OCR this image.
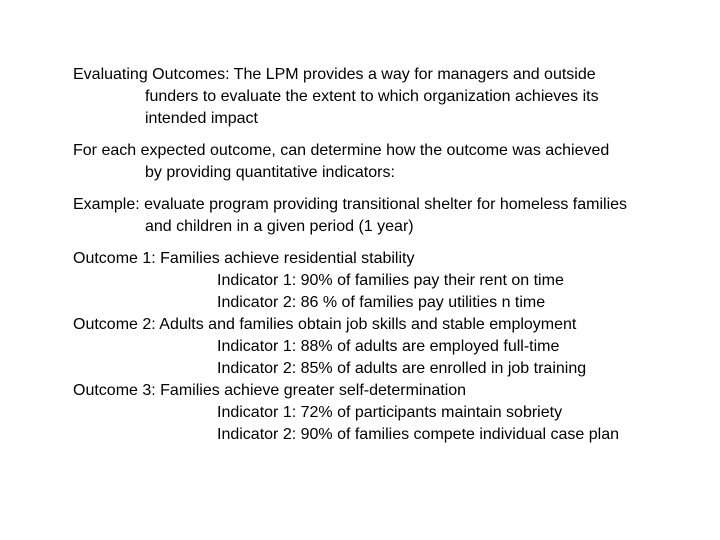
Evaluating Outcomes: The LPM provides a way for managers and outside
funders to evaluate the extent to which organization achieves its
intended impact

For each expected outcome, can determine how the outcome was achieved
by providing quantitative indicators:

Example: evaluate program providing transitional shelter for homeless families
and children in a given period (1 year)

Outcome 1: Families achieve residential stability
Indicator 1: 90% of families pay their rent on time
Indicator 2: 86 % of families pay utilities n time
Outcome 2: Adults and families obtain job skills and stable employment
Indicator 1: 88% of adults are employed full-time
Indicator 2: 85% of adults are enrolled in job training
Outcome 3: Families achieve greater self-determination
Indicator 1: 72% of participants maintain sobriety
Indicator 2: 90% of families compete individual case plan
